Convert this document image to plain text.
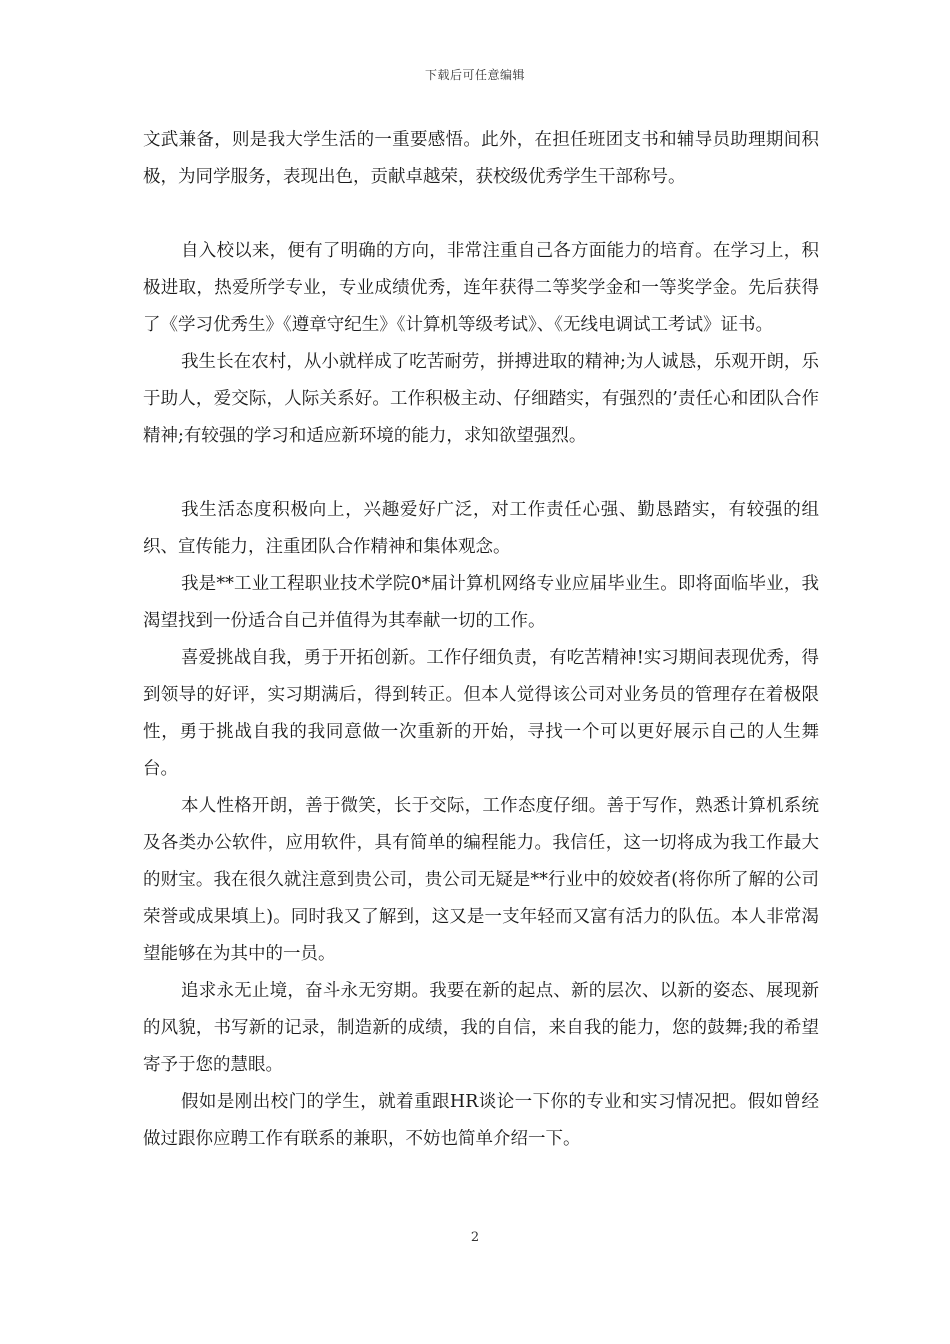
下载后可任意编辑

文武兼备，则是我大学生活的一重要感悟。此外，在担任班团支书和辅导员助理期间积极，为同学服务，表现出色，贡献卓越荣，获校级优秀学生干部称号。

自入校以来，便有了明确的方向，非常注重自己各方面能力的培育。在学习上，积极进取，热爱所学专业，专业成绩优秀，连年获得二等奖学金和一等奖学金。先后获得了《学习优秀生》《遵章守纪生》《计算机等级考试》、《无线电调试工考试》证书。

我生长在农村，从小就样成了吃苦耐劳，拼搏进取的精神;为人诚恳，乐观开朗，乐于助人，爱交际，人际关系好。工作积极主动、仔细踏实，有强烈的’责任心和团队合作精神;有较强的学习和适应新环境的能力，求知欲望强烈。

我生活态度积极向上，兴趣爱好广泛，对工作责任心强、勤恳踏实，有较强的组织、宣传能力，注重团队合作精神和集体观念。

我是**工业工程职业技术学院0*届计算机网络专业应届毕业生。即将面临毕业，我渴望找到一份适合自己并值得为其奉献一切的工作。

喜爱挑战自我，勇于开拓创新。工作仔细负责，有吃苦精神!实习期间表现优秀，得到领导的好评，实习期满后，得到转正。但本人觉得该公司对业务员的管理存在着极限性，勇于挑战自我的我同意做一次重新的开始，寻找一个可以更好展示自己的人生舞台。

本人性格开朗，善于微笑，长于交际，工作态度仔细。善于写作，熟悉计算机系统及各类办公软件，应用软件，具有简单的编程能力。我信任，这一切将成为我工作最大的财宝。我在很久就注意到贵公司，贵公司无疑是**行业中的姣姣者(将你所了解的公司荣誉或成果填上)。同时我又了解到，这又是一支年轻而又富有活力的队伍。本人非常渴望能够在为其中的一员。

追求永无止境，奋斗永无穷期。我要在新的起点、新的层次、以新的姿态、展现新的风貌，书写新的记录，制造新的成绩，我的自信，来自我的能力，您的鼓舞;我的希望寄予于您的慧眼。

假如是刚出校门的学生，就着重跟HR谈论一下你的专业和实习情况把。假如曾经做过跟你应聘工作有联系的兼职，不妨也简单介绍一下。

2
